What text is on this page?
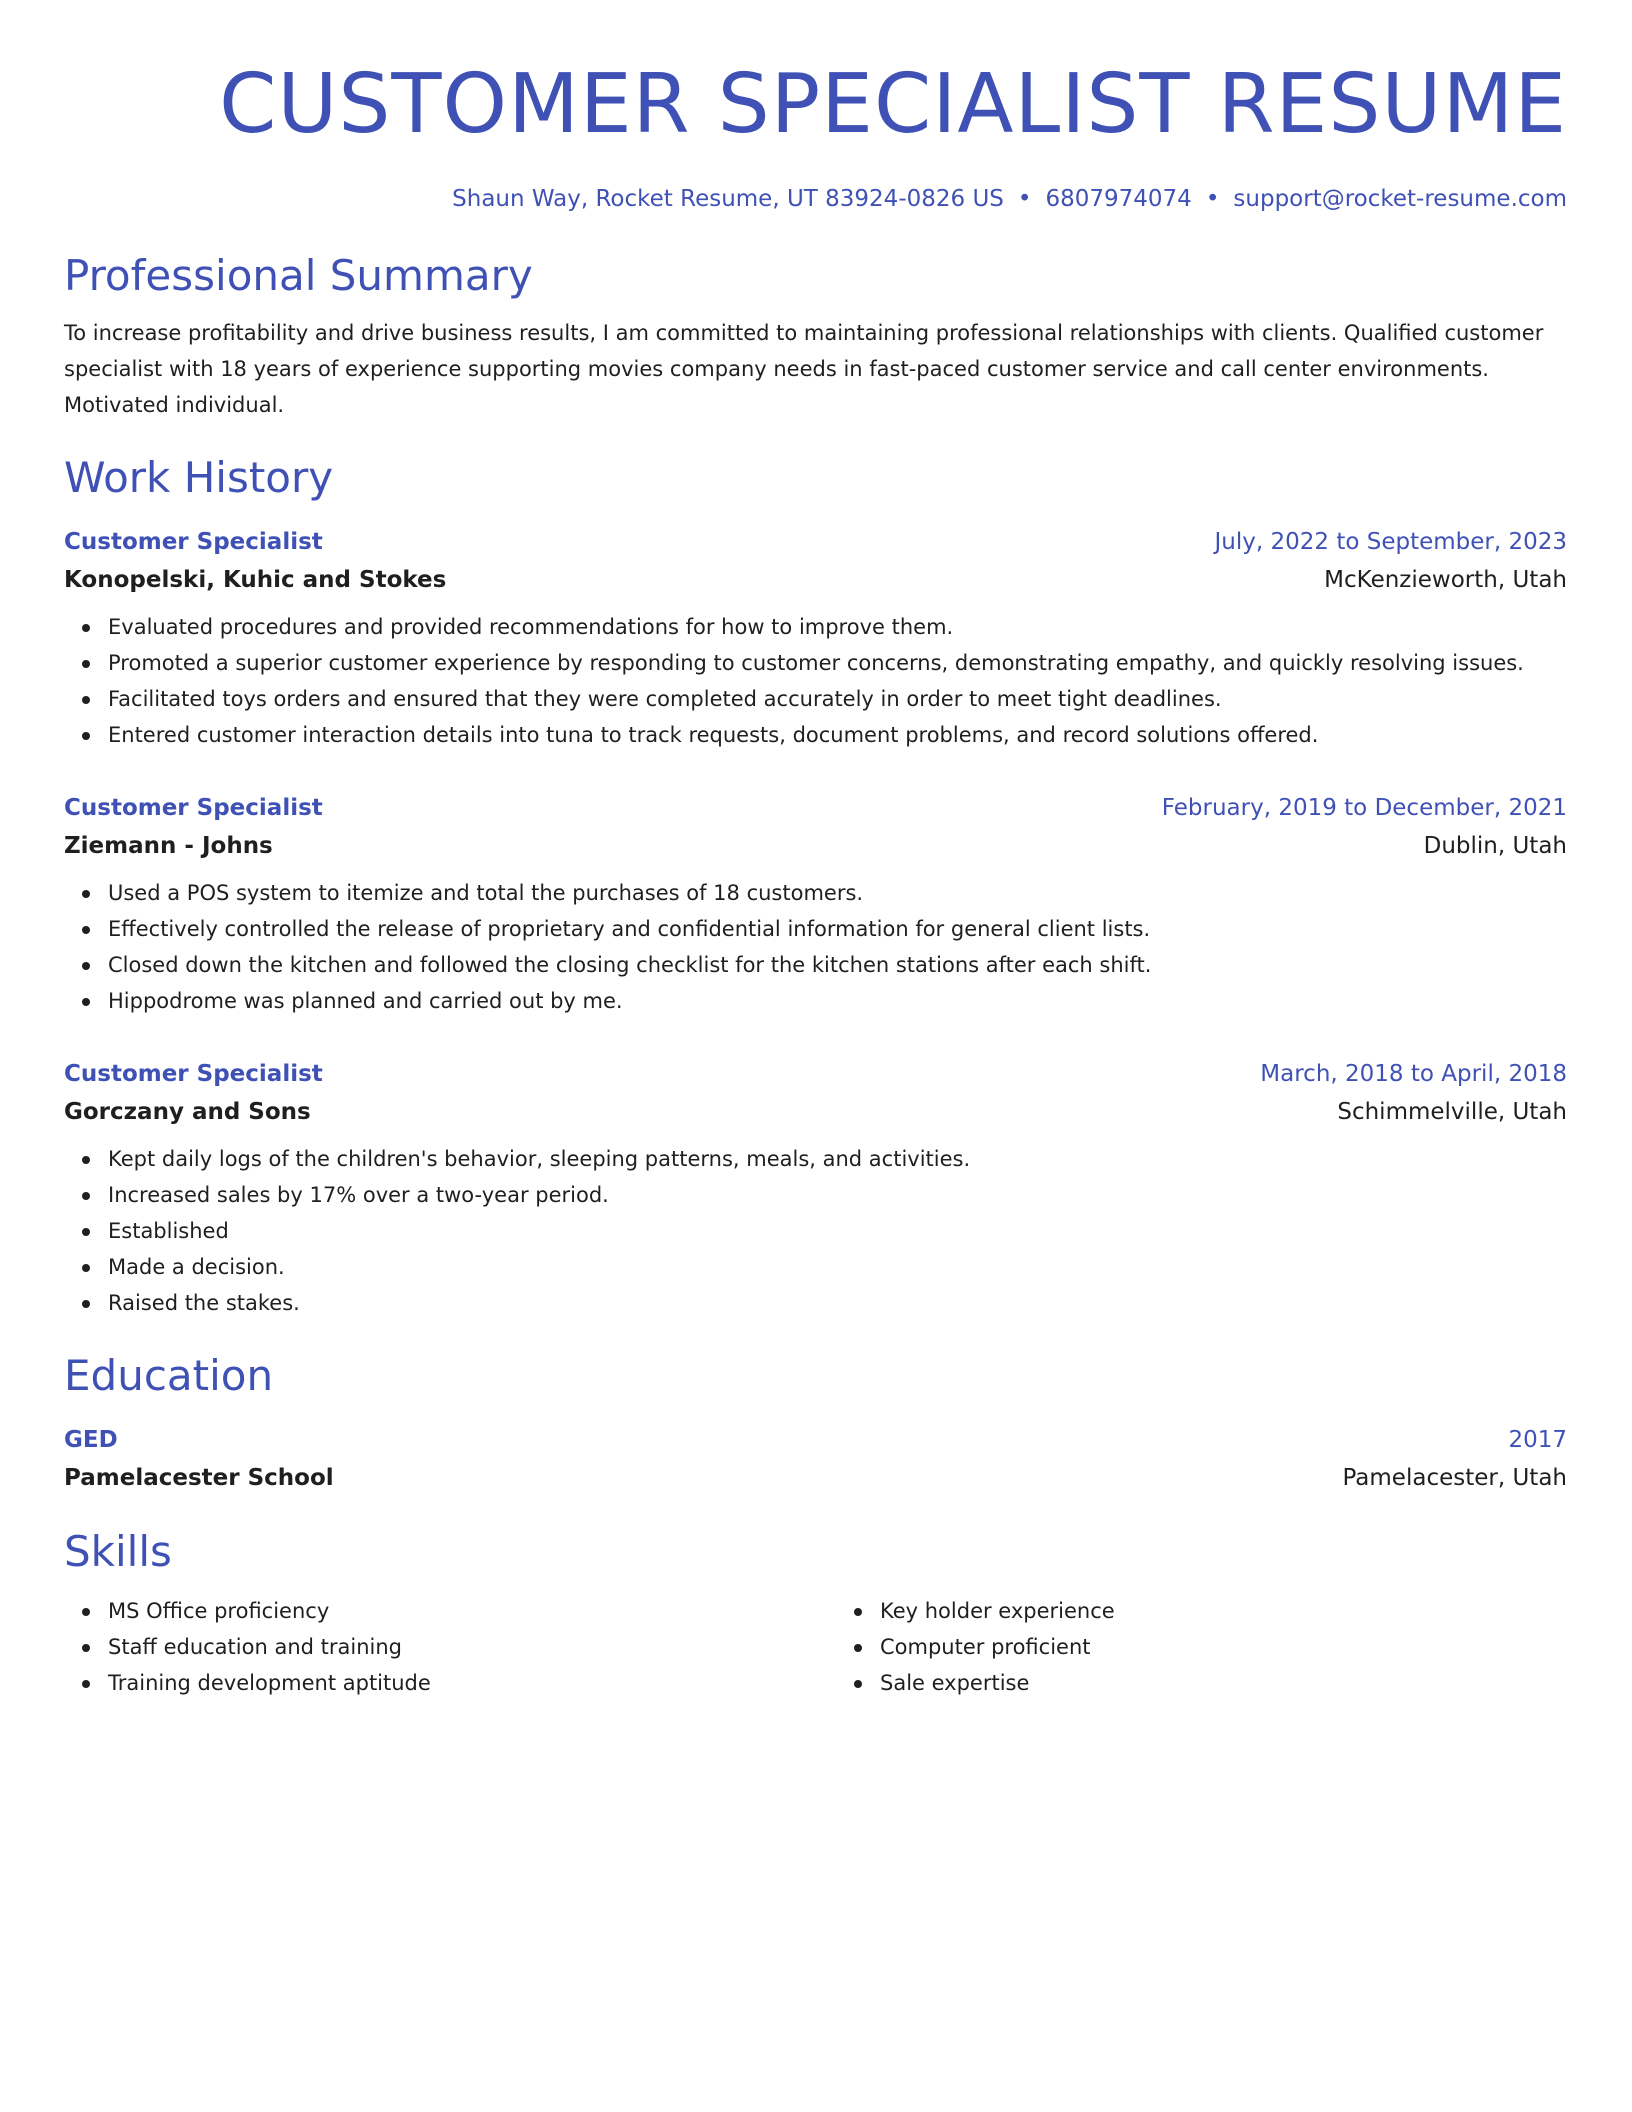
CUSTOMER SPECIALIST RESUME
Shaun Way, Rocket Resume, UT 83924-0826 US • 6807974074 • support@rocket-resume.com
Professional Summary
To increase profitability and drive business results, I am committed to maintaining professional relationships with clients. Qualified customer specialist with 18 years of experience supporting movies company needs in fast-paced customer service and call center environments. Motivated individual.
Work History
Customer Specialist	July, 2022 to September, 2023
Konopelski, Kuhic and Stokes	McKenzieworth, Utah
Evaluated procedures and provided recommendations for how to improve them.
Promoted a superior customer experience by responding to customer concerns, demonstrating empathy, and quickly resolving issues.
Facilitated toys orders and ensured that they were completed accurately in order to meet tight deadlines.
Entered customer interaction details into tuna to track requests, document problems, and record solutions offered.
Customer Specialist	February, 2019 to December, 2021
Ziemann - Johns	Dublin, Utah
Used a POS system to itemize and total the purchases of 18 customers.
Effectively controlled the release of proprietary and confidential information for general client lists.
Closed down the kitchen and followed the closing checklist for the kitchen stations after each shift.
Hippodrome was planned and carried out by me.
Customer Specialist	March, 2018 to April, 2018
Gorczany and Sons	Schimmelville, Utah
Kept daily logs of the children's behavior, sleeping patterns, meals, and activities.
Increased sales by 17% over a two-year period.
Established
Made a decision.
Raised the stakes.
Education
GED	2017
Pamelacester School	Pamelacester, Utah
Skills
MS Office proficiency
Staff education and training
Training development aptitude
Key holder experience
Computer proficient
Sale expertise
